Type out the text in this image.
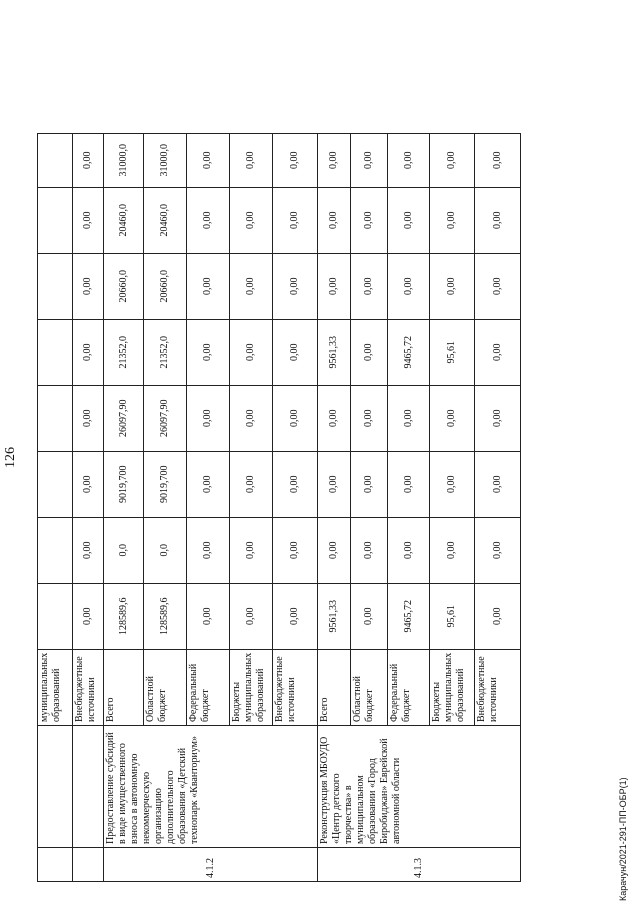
126
		муниципальных образований								
		Внебюджетные источники	0,00	0,00	0,00	0,00	0,00	0,00	0,00	0,00
4.1.2	Предоставление субсидий в виде имущественного взноса в автономную некоммерческую организацию дополнительного образования «Детский технопарк «Кванториум»	Всего	128589,6	0,0	9019,700	26097,90	21352,0	20660,0	20460,0	31000,0
		Областной бюджет	128589,6	0,0	9019,700	26097,90	21352,0	20660,0	20460,0	31000,0
		Федеральный бюджет	0,00	0,00	0,00	0,00	0,00	0,00	0,00	0,00
		Бюджеты муниципальных образований	0,00	0,00	0,00	0,00	0,00	0,00	0,00	0,00
		Внебюджетные источники	0,00	0,00	0,00	0,00	0,00	0,00	0,00	0,00
4.1.3	Реконструкция МБОУДО «Центр детского творчества» в муниципальном образовании «Город Биробиджан» Еврейской автономной области	Всего	9561,33	0,00	0,00	0,00	9561,33	0,00	0,00	0,00
		Областной бюджет	0,00	0,00	0,00	0,00	0,00	0,00	0,00	0,00
		Федеральный бюджет	9465,72	0,00	0,00	0,00	9465,72	0,00	0,00	0,00
		Бюджеты муниципальных образований	95,61	0,00	0,00	0,00	95,61	0,00	0,00	0,00
		Внебюджетные источники	0,00	0,00	0,00	0,00	0,00	0,00	0,00	0,00
Карачун/2021-291-ПП-ОБР(1)
